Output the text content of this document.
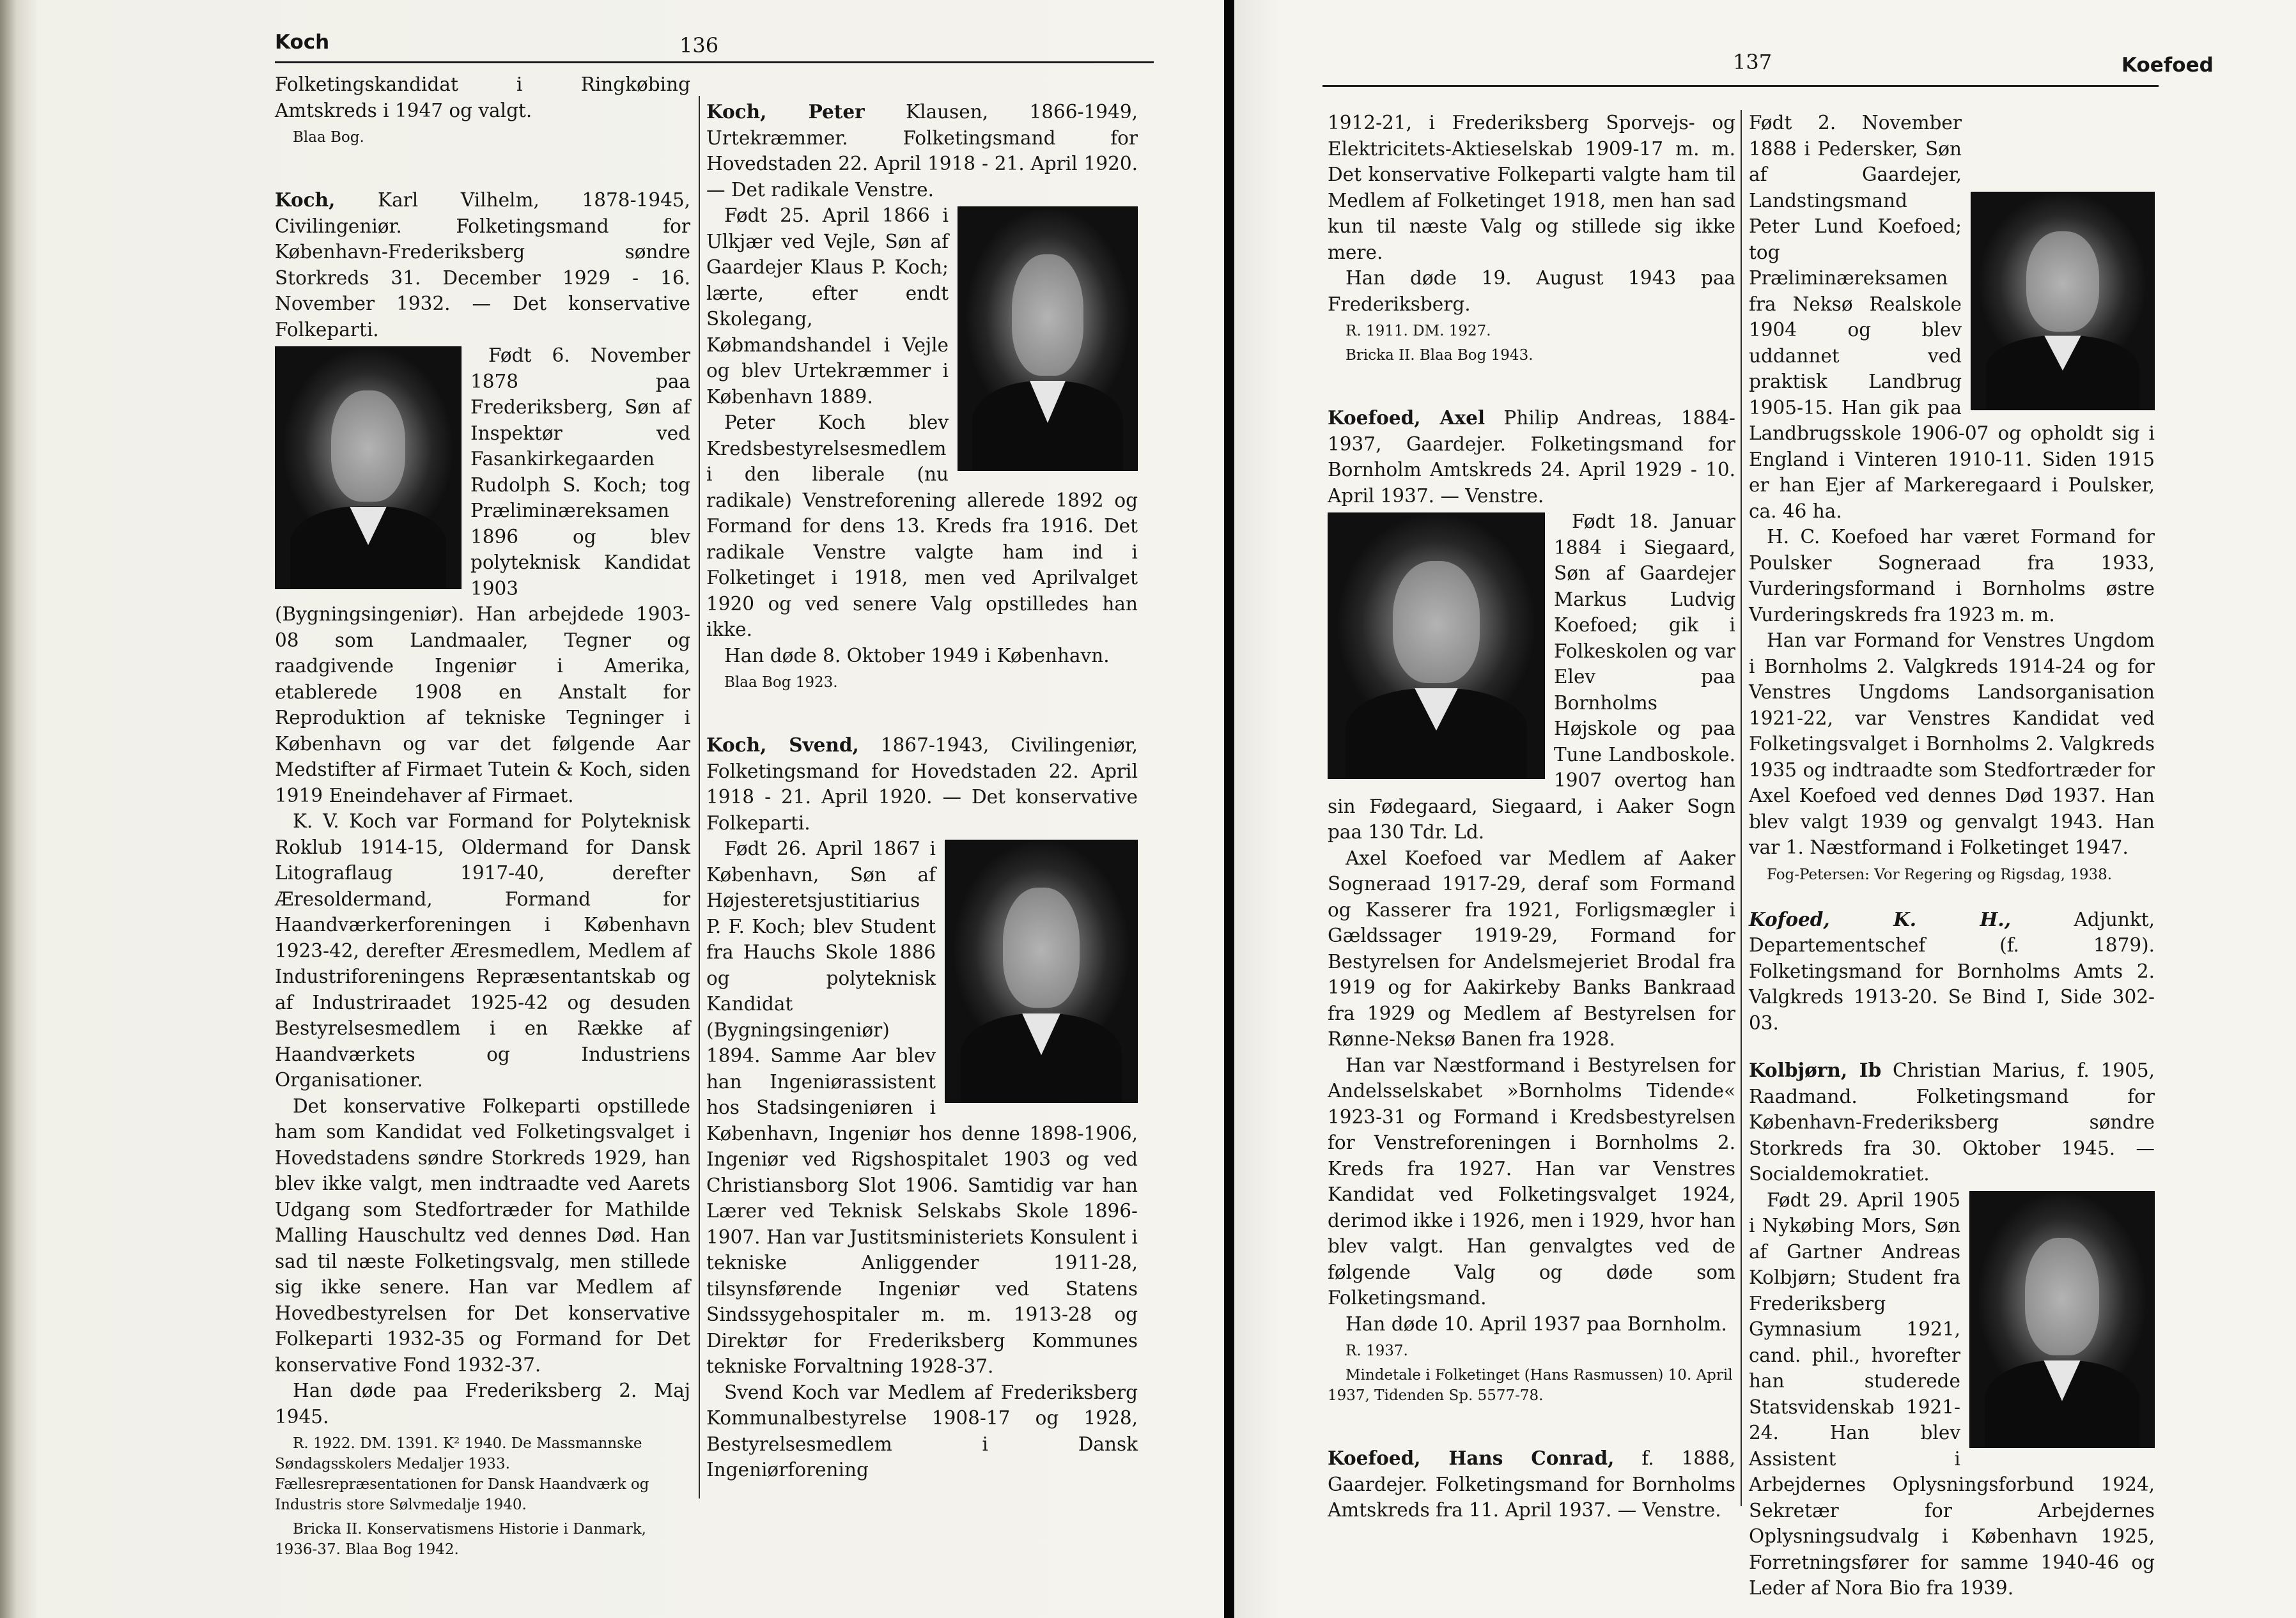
Koch	136

Folketingskandidat i Ringkøbing Amtskreds i 1947 og valgt.

Blaa Bog.

Koch, Karl Vilhelm, 1878-1945, Civilingeniør. Folketingsmand for København-Frederiksberg søndre Storkreds 31. December 1929 - 16. November 1932. — Det konservative Folkeparti.

Født 6. November 1878 paa Frederiksberg, Søn af Inspektør ved Fasankirkegaarden Rudolph S. Koch; tog Præliminæreksamen 1896 og blev polyteknisk Kandidat 1903 (Bygningsingeniør). Han arbejdede 1903-08 som Landmaaler, Tegner og raadgivende Ingeniør i Amerika, etablerede 1908 en Anstalt for Reproduktion af tekniske Tegninger i København og var det følgende Aar Medstifter af Firmaet Tutein & Koch, siden 1919 Eneindehaver af Firmaet.

K. V. Koch var Formand for Polyteknisk Roklub 1914-15, Oldermand for Dansk Litograflaug 1917-40, derefter Æresoldermand, Formand for Haandværkerforeningen i København 1923-42, derefter Æresmedlem, Medlem af Industriforeningens Repræsentantskab og af Industriraadet 1925-42 og desuden Bestyrelsesmedlem i en Række af Haandværkets og Industriens Organisationer.

Det konservative Folkeparti opstillede ham som Kandidat ved Folketingsvalget i Hovedstadens søndre Storkreds 1929, han blev ikke valgt, men indtraadte ved Aarets Udgang som Stedfortræder for Mathilde Malling Hauschultz ved dennes Død. Han sad til næste Folketingsvalg, men stillede sig ikke senere. Han var Medlem af Hovedbestyrelsen for Det konservative Folkeparti 1932-35 og Formand for Det konservative Fond 1932-37.

Han døde paa Frederiksberg 2. Maj 1945.

R. 1922. DM. 1391. K² 1940. De Massmannske Søndagsskolers Medaljer 1933. Fællesrepræsentationen for Dansk Haandværk og Industris store Sølvmedalje 1940.

Bricka II. Konservatismens Historie i Danmark, 1936-37. Blaa Bog 1942.

Koch, Peter Klausen, 1866-1949, Urtekræmmer. Folketingsmand for Hovedstaden 22. April 1918 - 21. April 1920. — Det radikale Venstre.

Født 25. April 1866 i Ulkjær ved Vejle, Søn af Gaardejer Klaus P. Koch; lærte, efter endt Skolegang, Købmandshandel i Vejle og blev Urtekræmmer i København 1889.

Peter Koch blev Kredsbestyrelsesmedlem i den liberale (nu radikale) Venstreforening allerede 1892 og Formand for dens 13. Kreds fra 1916. Det radikale Venstre valgte ham ind i Folketinget i 1918, men ved Aprilvalget 1920 og ved senere Valg opstilledes han ikke.

Han døde 8. Oktober 1949 i København.

Blaa Bog 1923.

Koch, Svend, 1867-1943, Civilingeniør, Folketingsmand for Hovedstaden 22. April 1918 - 21. April 1920. — Det konservative Folkeparti.

Født 26. April 1867 i København, Søn af Højesteretsjustitiarius P. F. Koch; blev Student fra Hauchs Skole 1886 og polyteknisk Kandidat (Bygningsingeniør) 1894. Samme Aar blev han Ingeniørassistent hos Stadsingeniøren i København, Ingeniør hos denne 1898-1906, Ingeniør ved Rigshospitalet 1903 og ved Christiansborg Slot 1906. Samtidig var han Lærer ved Teknisk Selskabs Skole 1896-1907. Han var Justitsministeriets Konsulent i tekniske Anliggender 1911-28, tilsynsførende Ingeniør ved Statens Sindssygehospitaler m. m. 1913-28 og Direktør for Frederiksberg Kommunes tekniske Forvaltning 1928-37.

Svend Koch var Medlem af Frederiksberg Kommunalbestyrelse 1908-17 og 1928, Bestyrelsesmedlem i Dansk Ingeniørforening

137	Koefoed

1912-21, i Frederiksberg Sporvejs- og Elektricitets-Aktieselskab 1909-17 m. m. Det konservative Folkeparti valgte ham til Medlem af Folketinget 1918, men han sad kun til næste Valg og stillede sig ikke mere.

Han døde 19. August 1943 paa Frederiksberg.

R. 1911. DM. 1927.

Bricka II. Blaa Bog 1943.

Koefoed, Axel Philip Andreas, 1884-1937, Gaardejer. Folketingsmand for Bornholm Amtskreds 24. April 1929 - 10. April 1937. — Venstre.

Født 18. Januar 1884 i Siegaard, Søn af Gaardejer Markus Ludvig Koefoed; gik i Folkeskolen og var Elev paa Bornholms Højskole og paa Tune Landboskole. 1907 overtog han sin Fødegaard, Siegaard, i Aaker Sogn paa 130 Tdr. Ld.

Axel Koefoed var Medlem af Aaker Sogneraad 1917-29, deraf som Formand og Kasserer fra 1921, Forligsmægler i Gældssager 1919-29, Formand for Bestyrelsen for Andelsmejeriet Brodal fra 1919 og for Aakirkeby Banks Bankraad fra 1929 og Medlem af Bestyrelsen for Rønne-Neksø Banen fra 1928.

Han var Næstformand i Bestyrelsen for Andelsselskabet »Bornholms Tidende« 1923-31 og Formand i Kredsbestyrelsen for Venstreforeningen i Bornholms 2. Kreds fra 1927. Han var Venstres Kandidat ved Folketingsvalget 1924, derimod ikke i 1926, men i 1929, hvor han blev valgt. Han genvalgtes ved de følgende Valg og døde som Folketingsmand.

Han døde 10. April 1937 paa Bornholm.

R. 1937.

Mindetale i Folketinget (Hans Rasmussen) 10. April 1937, Tidenden Sp. 5577-78.

Koefoed, Hans Conrad, f. 1888, Gaardejer. Folketingsmand for Bornholms Amtskreds fra 11. April 1937. — Venstre.

Født 2. November 1888 i Pedersker, Søn af Gaardejer, Landstingsmand Peter Lund Koefoed; tog Præliminæreksamen fra Neksø Realskole 1904 og blev uddannet ved praktisk Landbrug 1905-15. Han gik paa Landbrugsskole 1906-07 og opholdt sig i England i Vinteren 1910-11. Siden 1915 er han Ejer af Markeregaard i Poulsker, ca. 46 ha.

H. C. Koefoed har været Formand for Poulsker Sogneraad fra 1933, Vurderingsformand i Bornholms østre Vurderingskreds fra 1923 m. m.

Han var Formand for Venstres Ungdom i Bornholms 2. Valgkreds 1914-24 og for Venstres Ungdoms Landsorganisation 1921-22, var Venstres Kandidat ved Folketingsvalget i Bornholms 2. Valgkreds 1935 og indtraadte som Stedfortræder for Axel Koefoed ved dennes Død 1937. Han blev valgt 1939 og genvalgt 1943. Han var 1. Næstformand i Folketinget 1947.

Fog-Petersen: Vor Regering og Rigsdag, 1938.

Kofoed, K. H., Adjunkt, Departementschef (f. 1879). Folketingsmand for Bornholms Amts 2. Valgkreds 1913-20. Se Bind I, Side 302-03.

Kolbjørn, Ib Christian Marius, f. 1905, Raadmand. Folketingsmand for København-Frederiksberg søndre Storkreds fra 30. Oktober 1945. — Socialdemokratiet.

Født 29. April 1905 i Nykøbing Mors, Søn af Gartner Andreas Kolbjørn; Student fra Frederiksberg Gymnasium 1921, cand. phil., hvorefter han studerede Statsvidenskab 1921-24. Han blev Assistent i Arbejdernes Oplysningsforbund 1924, Sekretær for Arbejdernes Oplysningsudvalg i København 1925, Forretningsfører for samme 1940-46 og Leder af Nora Bio fra 1939.
